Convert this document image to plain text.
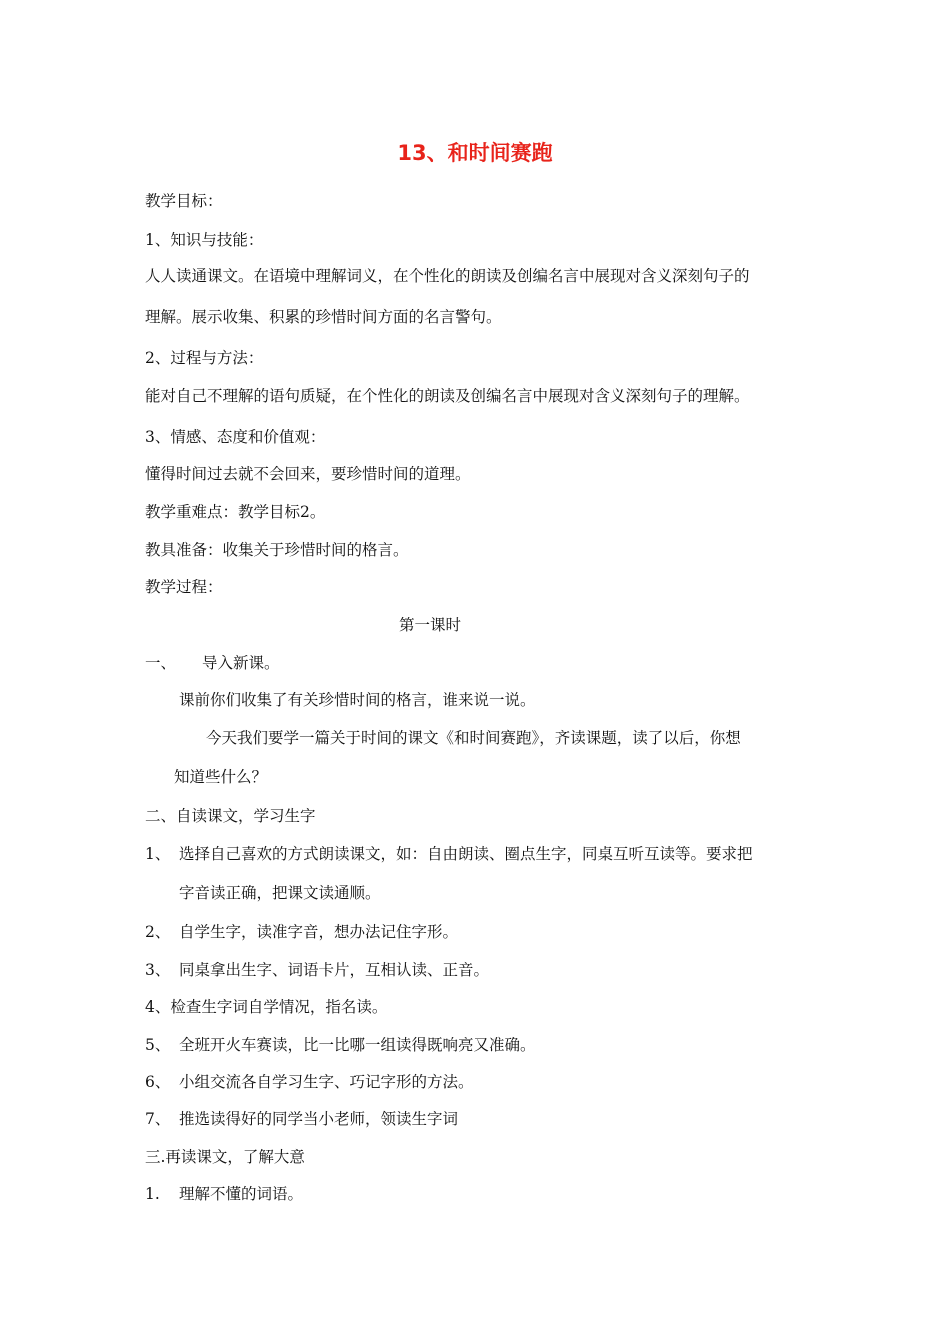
13、和时间赛跑
教学目标：
1、知识与技能：
人人读通课文。在语境中理解词义，在个性化的朗读及创编名言中展现对含义深刻句子的
理解。展示收集、积累的珍惜时间方面的名言警句。
2、过程与方法：
能对自己不理解的语句质疑，在个性化的朗读及创编名言中展现对含义深刻句子的理解。
3、情感、态度和价值观：
懂得时间过去就不会回来，要珍惜时间的道理。
教学重难点：教学目标2。
教具准备：收集关于珍惜时间的格言。
教学过程：
第一课时
一、 导入新课。
课前你们收集了有关珍惜时间的格言，谁来说一说。
今天我们要学一篇关于时间的课文《和时间赛跑》，齐读课题，读了以后，你想
知道些什么？
二、自读课文，学习生字
1、 选择自己喜欢的方式朗读课文，如：自由朗读、圈点生字，同桌互听互读等。要求把
字音读正确，把课文读通顺。
2、 自学生字，读准字音，想办法记住字形。
3、 同桌拿出生字、词语卡片，互相认读、正音。
4、检查生字词自学情况，指名读。
5、 全班开火车赛读，比一比哪一组读得既响亮又准确。
6、 小组交流各自学习生字、巧记字形的方法。
7、 推选读得好的同学当小老师，领读生字词
三.再读课文，了解大意
1. 理解不懂的词语。
